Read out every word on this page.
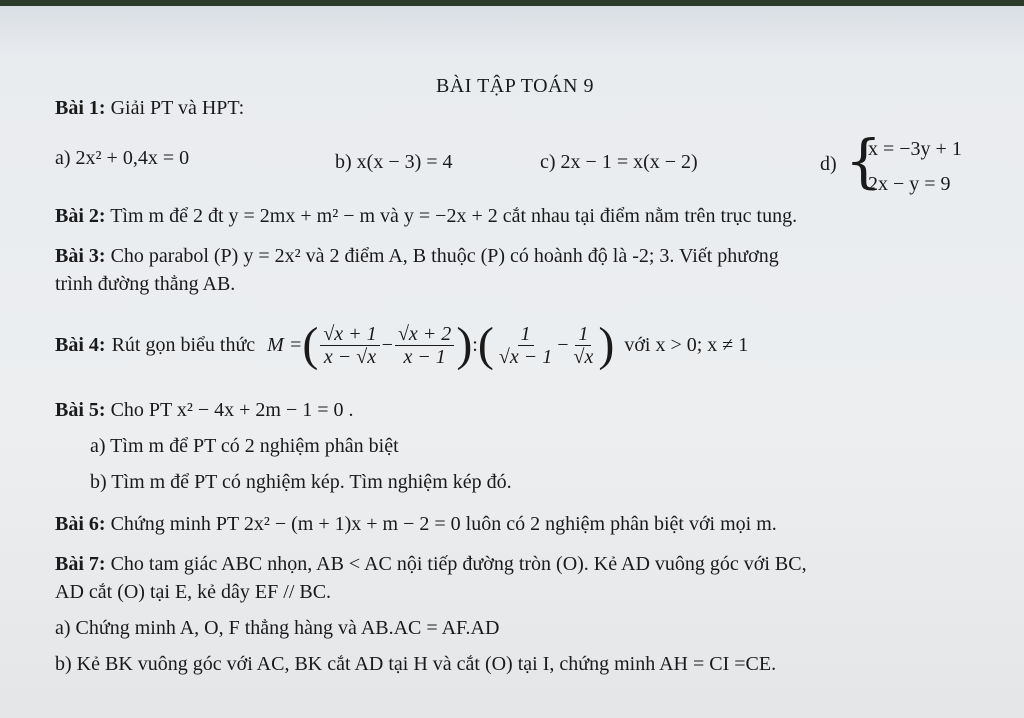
BÀI TẬP TOÁN 9
Bài 1: Giải PT và HPT:
a) 2x² + 0,4x = 0	b) x(x − 3) = 4	c) 2x − 1 = x(x − 2)	d) {
x = −3y + 1
2x − y = 9
Bài 2: Tìm m để 2 đt y = 2mx + m² − m và y = −2x + 2 cắt nhau tại điểm nằm trên trục tung.
Bài 3: Cho parabol (P) y = 2x² và 2 điểm A, B thuộc (P) có hoành độ là -2; 3. Viết phương
trình đường thẳng AB.
Bài 4: Rút gọn biểu thức M = ( $\frac{√x + 1}{x - √x} - \frac{√x + 2}{x - 1}$ ) : ( $\frac{1}{√x - 1} - \frac{1}{√x}$ ) với x > 0; x ≠ 1
Bài 5: Cho PT x² − 4x + 2m − 1 = 0 .
a) Tìm m để PT có 2 nghiệm phân biệt
b) Tìm m để PT có nghiệm kép. Tìm nghiệm kép đó.
Bài 6: Chứng minh PT 2x² − (m + 1)x + m − 2 = 0 luôn có 2 nghiệm phân biệt với mọi m.
Bài 7: Cho tam giác ABC nhọn, AB < AC nội tiếp đường tròn (O). Kẻ AD vuông góc với BC,
AD cắt (O) tại E, kẻ dây EF // BC.
a) Chứng minh A, O, F thẳng hàng và AB.AC = AF.AD
b) Kẻ BK vuông góc với AC, BK cắt AD tại H và cắt (O) tại I, chứng minh AH = CI =CE.
